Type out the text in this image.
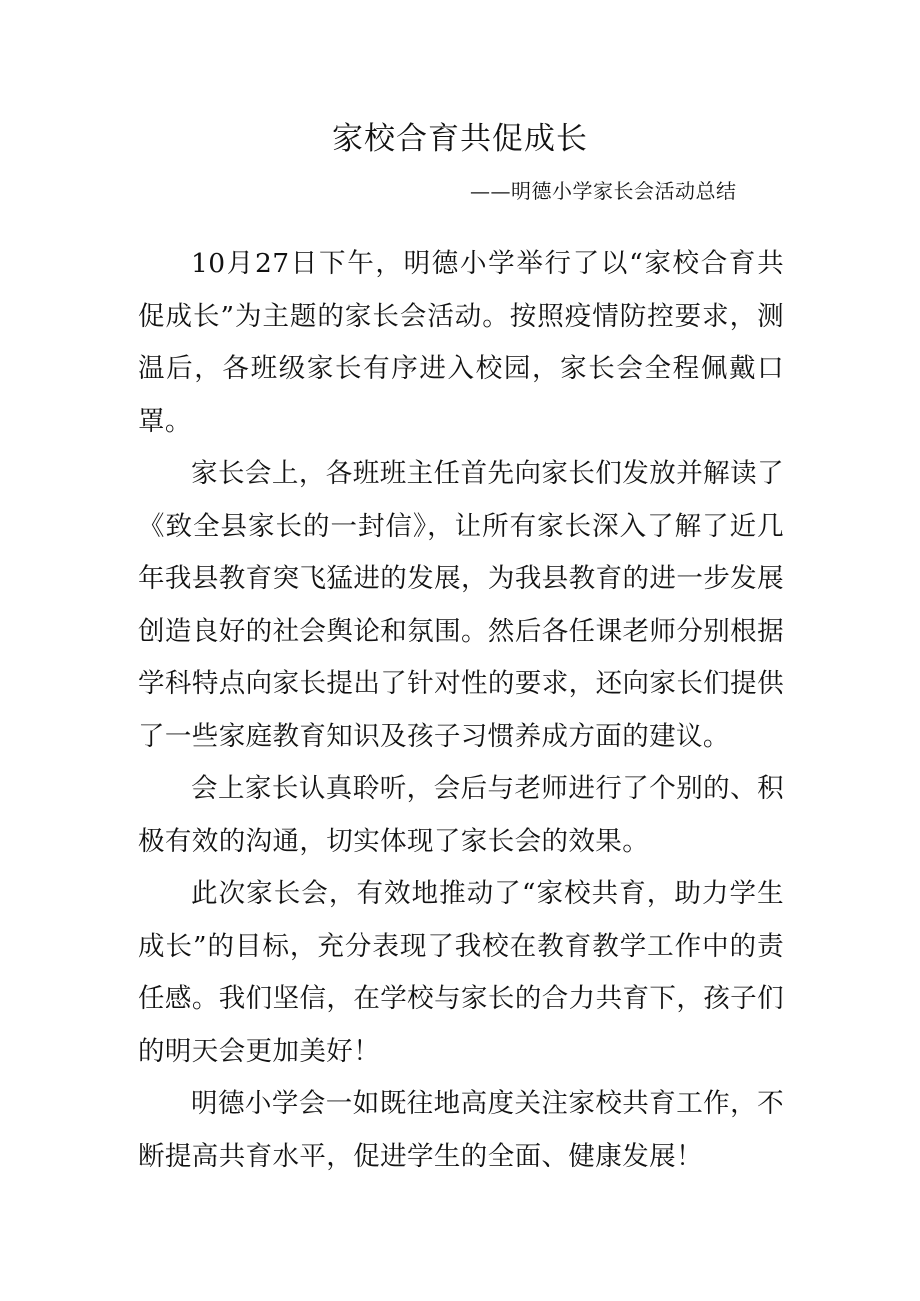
家校合育共促成长
——明德小学家长会活动总结

10月27日下午，明德小学举行了以“家校合育共促成长”为主题的家长会活动。按照疫情防控要求，测温后，各班级家长有序进入校园，家长会全程佩戴口罩。

家长会上，各班班主任首先向家长们发放并解读了《致全县家长的一封信》，让所有家长深入了解了近几年我县教育突飞猛进的发展，为我县教育的进一步发展创造良好的社会舆论和氛围。然后各任课老师分别根据学科特点向家长提出了针对性的要求，还向家长们提供了一些家庭教育知识及孩子习惯养成方面的建议。

会上家长认真聆听，会后与老师进行了个别的、积极有效的沟通，切实体现了家长会的效果。

此次家长会，有效地推动了“家校共育，助力学生成长”的目标，充分表现了我校在教育教学工作中的责任感。我们坚信，在学校与家长的合力共育下，孩子们的明天会更加美好！

明德小学会一如既往地高度关注家校共育工作，不断提高共育水平，促进学生的全面、健康发展！
